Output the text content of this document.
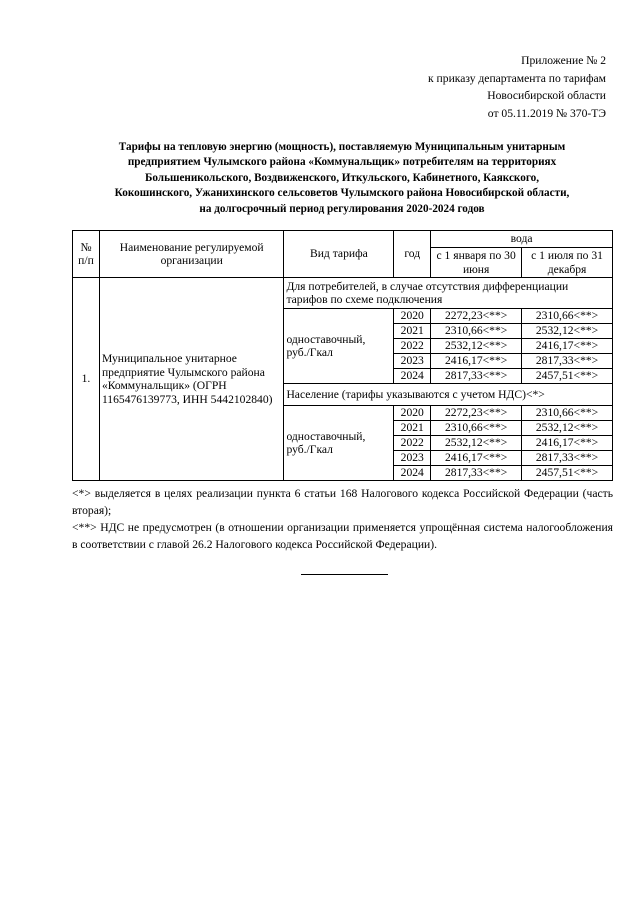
Приложение № 2
к приказу департамента по тарифам
Новосибирской области
от 05.11.2019 № 370-ТЭ
Тарифы на тепловую энергию (мощность), поставляемую Муниципальным унитарным
предприятием Чулымского района «Коммунальщик» потребителям на территориях
Большеникольского, Воздвиженского, Иткульского, Кабинетного, Каякского,
Кокошинского, Ужанихинского сельсоветов Чулымского района Новосибирской области,
на долгосрочный период регулирования 2020-2024 годов
№ п/п	Наименование регулируемой организации	Вид тарифа	год	вода	
				с 1 января по 30 июня	с 1 июля по 31 декабря
1.	Муниципальное унитарное предприятие Чулымского района «Коммунальщик» (ОГРН 1165476139773, ИНН 5442102840)	Для потребителей, в случае отсутствия дифференциации тарифов по схеме подключения			
		одноставочный, руб./Гкал	2020	2272,23<**>	2310,66<**>
			2021	2310,66<**>	2532,12<**>
			2022	2532,12<**>	2416,17<**>
			2023	2416,17<**>	2817,33<**>
			2024	2817,33<**>	2457,51<**>
		Население (тарифы указываются с учетом НДС)<*>			
		одноставочный, руб./Гкал	2020	2272,23<**>	2310,66<**>
			2021	2310,66<**>	2532,12<**>
			2022	2532,12<**>	2416,17<**>
			2023	2416,17<**>	2817,33<**>
			2024	2817,33<**>	2457,51<**>

<*> выделяется в целях реализации пункта 6 статьи 168 Налогового кодекса Российской Федерации (часть вторая);

<**> НДС не предусмотрен (в отношении организации применяется упрощённая система налогообложения в соответствии с главой 26.2 Налогового кодекса Российской Федерации).
